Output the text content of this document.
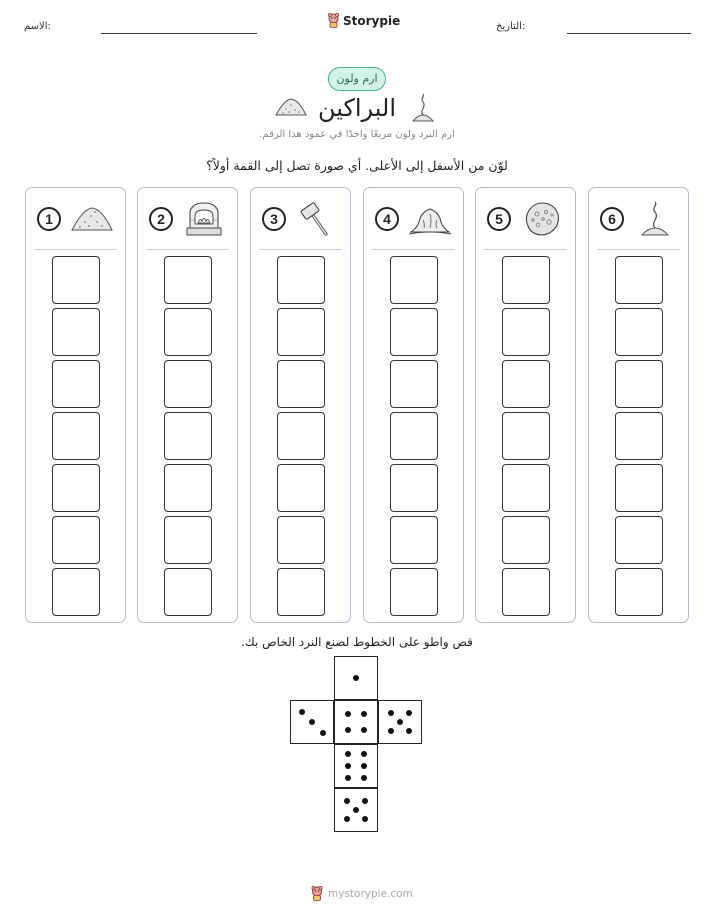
الاسم:	Storypie	التاريخ:
ارم ولون
البراكين
ارم النرد ولون مربعًا واحدًا في عمود هذا الرقم.
لوّن من الأسفل إلى الأعلى. أي صورة تصل إلى القمة أولاً؟
1	2	3	4	5	6
قص واطو على الخطوط لصنع النرد الخاص بك.
mystorypie.com
